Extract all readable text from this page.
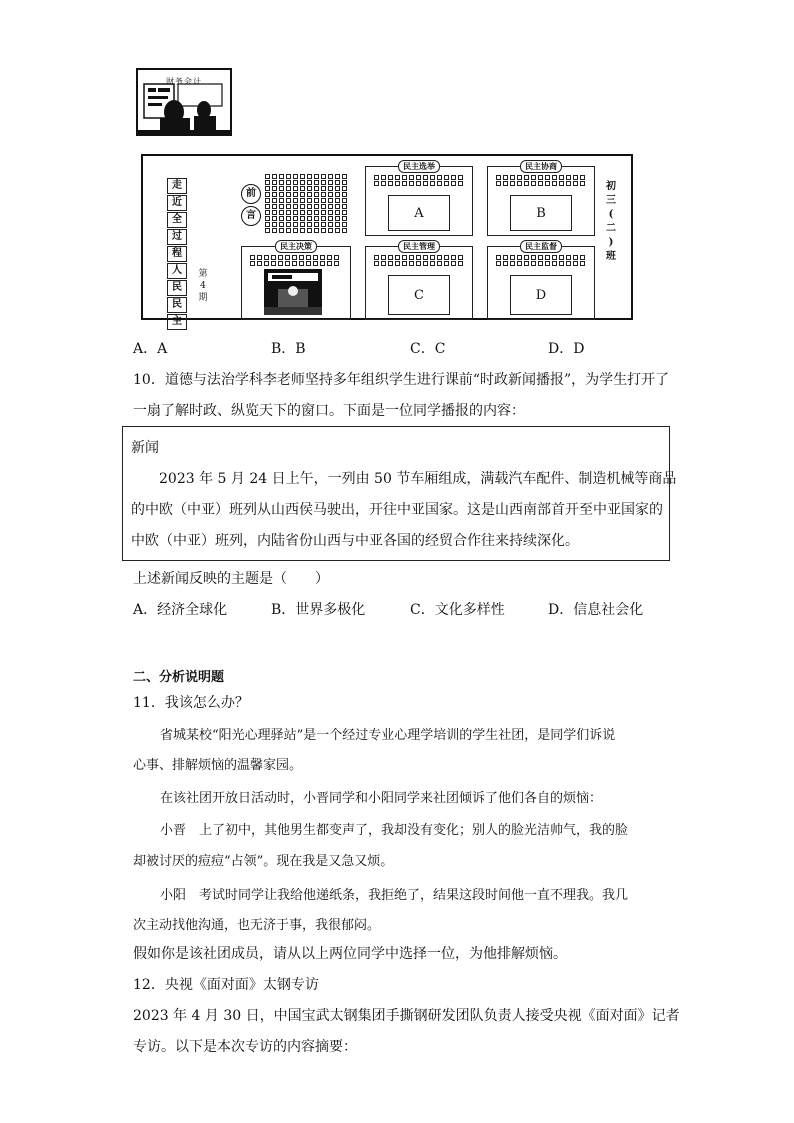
财务会计
走
近
全
过
程
人
民
民
主
第4期
前
言
民主选举
A
民主协商
B
初
三
(
二
)
班
民主决策	民主管理
C
民主监督
D
A．A	B．B	C．C	D．D
10．道德与法治学科李老师坚持多年组织学生进行课前“时政新闻播报”，为学生打开了
一扇了解时政、纵览天下的窗口。下面是一位同学播报的内容：
新闻
2023 年 5 月 24 日上午，一列由 50 节车厢组成，满载汽车配件、制造机械等商品
的中欧（中亚）班列从山西侯马驶出，开往中亚国家。这是山西南部首开至中亚国家的
中欧（中亚）班列，内陆省份山西与中亚各国的经贸合作往来持续深化。
上述新闻反映的主题是（　　）
A．经济全球化	B．世界多极化	C．文化多样性	D．信息社会化
二、分析说明题
11．我该怎么办？
省城某校“阳光心理驿站”是一个经过专业心理学培训的学生社团，是同学们诉说
心事、排解烦恼的温馨家园。
在该社团开放日活动时，小晋同学和小阳同学来社团倾诉了他们各自的烦恼：
小晋　上了初中，其他男生都变声了，我却没有变化；别人的脸光洁帅气，我的脸
却被讨厌的痘痘“占领”。现在我是又急又烦。
小阳　考试时同学让我给他递纸条，我拒绝了，结果这段时间他一直不理我。我几
次主动找他沟通，也无济于事，我很郁闷。
假如你是该社团成员，请从以上两位同学中选择一位，为他排解烦恼。
12．央视《面对面》太钢专访
2023 年 4 月 30 日，中国宝武太钢集团手撕钢研发团队负责人接受央视《面对面》记者
专访。以下是本次专访的内容摘要：
